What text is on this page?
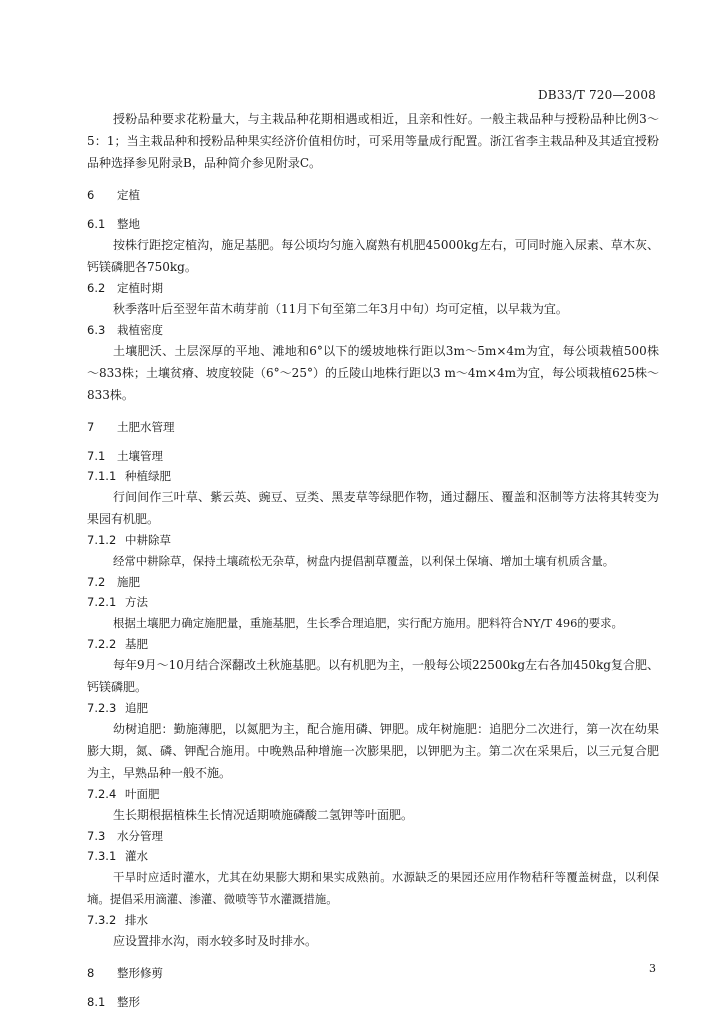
DB33/T 720—2008

授粉品种要求花粉量大，与主栽品种花期相遇或相近，且亲和性好。一般主栽品种与授粉品种比例3～5：1；当主栽品种和授粉品种果实经济价值相仿时，可采用等量成行配置。浙江省李主栽品种及其适宜授粉品种选择参见附录B，品种简介参见附录C。

6 定植
6.1 整地

按株行距挖定植沟，施足基肥。每公顷均匀施入腐熟有机肥45000kg左右，可同时施入尿素、草木灰、钙镁磷肥各750kg。

6.2 定植时期

秋季落叶后至翌年苗木萌芽前（11月下旬至第二年3月中旬）均可定植，以早栽为宜。

6.3 栽植密度

土壤肥沃、土层深厚的平地、滩地和6°以下的缓坡地株行距以3m～5m×4m为宜，每公顷栽植500株～833株；土壤贫瘠、坡度较陡（6°～25°）的丘陵山地株行距以3 m～4m×4m为宜，每公顷栽植625株～833株。

7 土肥水管理
7.1 土壤管理
7.1.1 种植绿肥

行间间作三叶草、紫云英、豌豆、豆类、黑麦草等绿肥作物，通过翻压、覆盖和沤制等方法将其转变为果园有机肥。

7.1.2 中耕除草

经常中耕除草，保持土壤疏松无杂草，树盘内提倡割草覆盖，以利保土保墒、增加土壤有机质含量。

7.2 施肥
7.2.1 方法

根据土壤肥力确定施肥量，重施基肥，生长季合理追肥，实行配方施用。肥料符合NY/T 496的要求。

7.2.2 基肥

每年9月～10月结合深翻改土秋施基肥。以有机肥为主，一般每公顷22500kg左右各加450kg复合肥、钙镁磷肥。

7.2.3 追肥

幼树追肥：勤施薄肥，以氮肥为主，配合施用磷、钾肥。成年树施肥：追肥分二次进行，第一次在幼果膨大期，氮、磷、钾配合施用。中晚熟品种增施一次膨果肥，以钾肥为主。第二次在采果后，以三元复合肥为主，早熟品种一般不施。

7.2.4 叶面肥

生长期根据植株生长情况适期喷施磷酸二氢钾等叶面肥。

7.3 水分管理
7.3.1 灌水

干旱时应适时灌水，尤其在幼果膨大期和果实成熟前。水源缺乏的果园还应用作物秸秆等覆盖树盘，以利保墒。提倡采用滴灌、渗灌、微喷等节水灌溉措施。

7.3.2 排水

应设置排水沟，雨水较多时及时排水。

8 整形修剪
8.1 整形
3
